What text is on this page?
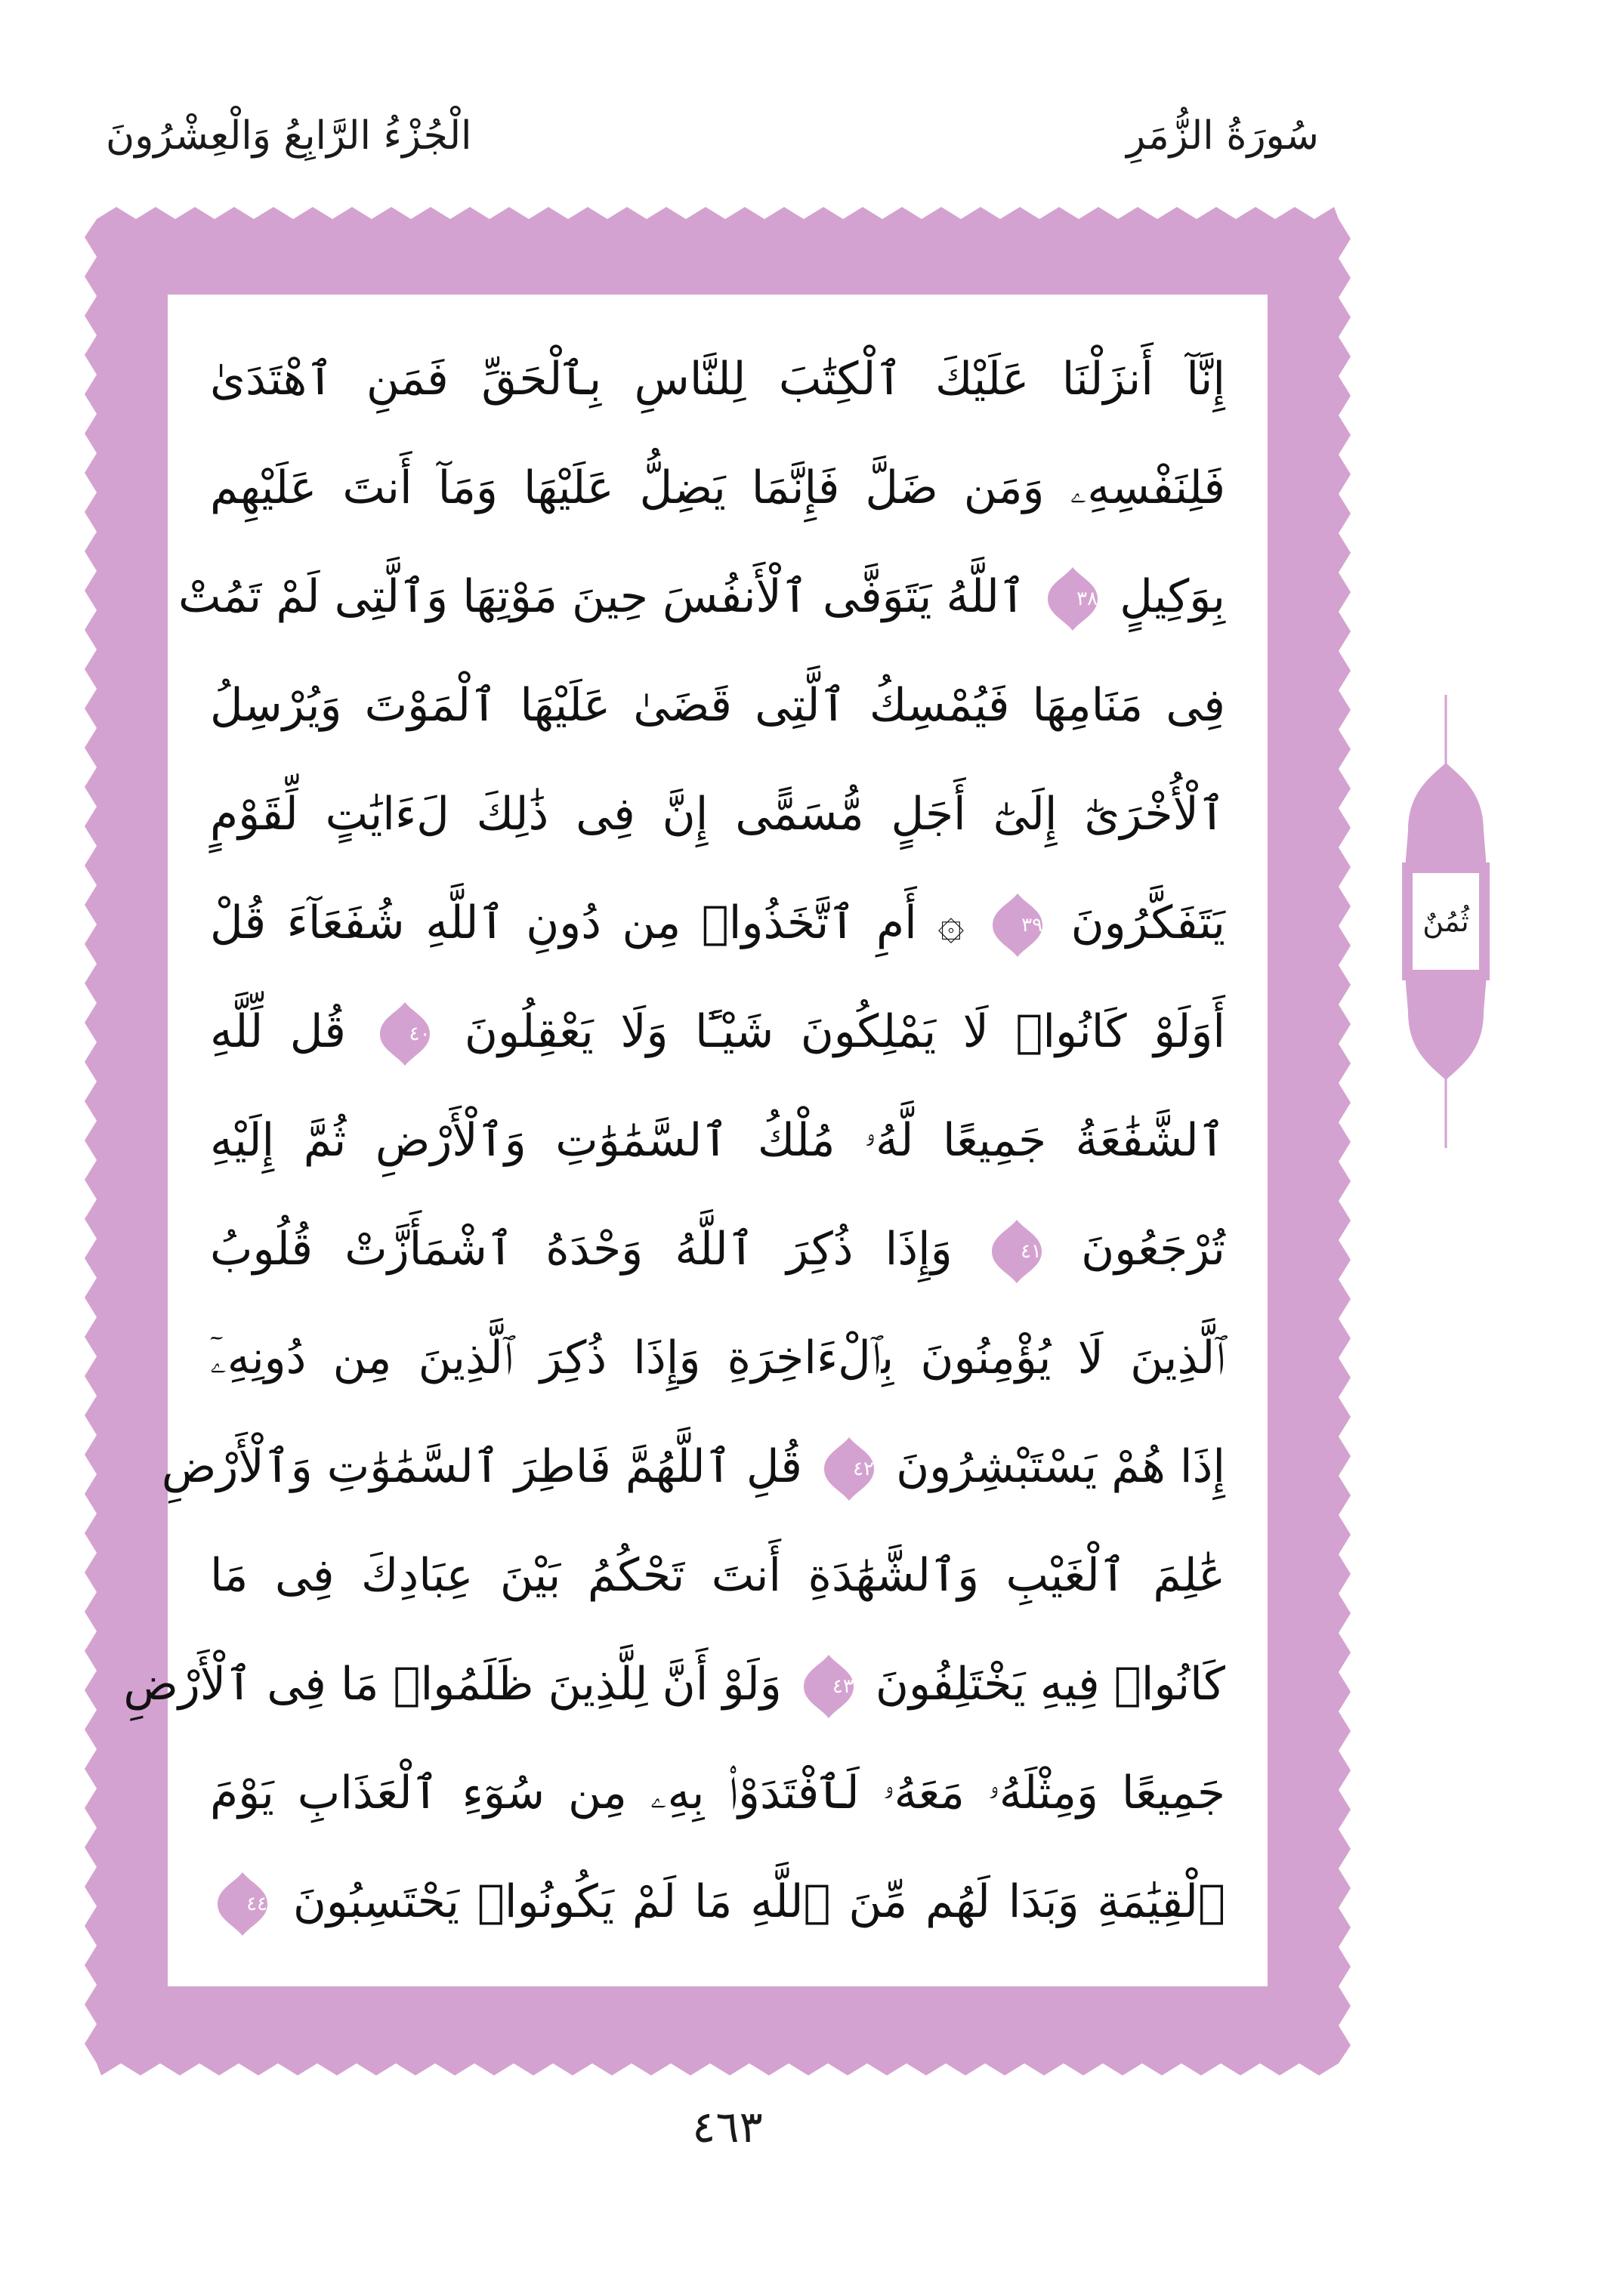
الْجُزْءُ الرَّابِعُ وَالْعِشْرُونَ	سُورَةُ الزُّمَرِ
إِنَّآ أَنزَلْنَا عَلَيْكَ ٱلْكِتَٰبَ لِلنَّاسِ بِٱلْحَقِّ فَمَنِ ٱهْتَدَىٰ
فَلِنَفْسِهِۦ وَمَن ضَلَّ فَإِنَّمَا يَضِلُّ عَلَيْهَا وَمَآ أَنتَ عَلَيْهِم
بِوَكِيلٍ
٣٨
ٱللَّهُ يَتَوَفَّى ٱلْأَنفُسَ حِينَ مَوْتِهَا وَٱلَّتِى لَمْ تَمُتْ
فِى مَنَامِهَا فَيُمْسِكُ ٱلَّتِى قَضَىٰ عَلَيْهَا ٱلْمَوْتَ وَيُرْسِلُ
ٱلْأُخْرَىٰٓ إِلَىٰٓ أَجَلٍ مُّسَمًّى إِنَّ فِى ذَٰلِكَ لَءَايَٰتٍ لِّقَوْمٍ
يَتَفَكَّرُونَ
٣٩
۞ أَمِ ٱتَّخَذُوا۟ مِن دُونِ ٱللَّهِ شُفَعَآءَ قُلْ
أَوَلَوْ كَانُوا۟ لَا يَمْلِكُونَ شَيْـًٔا وَلَا يَعْقِلُونَ
٤٠
قُل لِّلَّهِ
ٱلشَّفَٰعَةُ جَمِيعًا لَّهُۥ مُلْكُ ٱلسَّمَٰوَٰتِ وَٱلْأَرْضِ ثُمَّ إِلَيْهِ
تُرْجَعُونَ
٤١
وَإِذَا ذُكِرَ ٱللَّهُ وَحْدَهُ ٱشْمَأَزَّتْ قُلُوبُ
ٱلَّذِينَ لَا يُؤْمِنُونَ بِٱلْءَاخِرَةِ وَإِذَا ذُكِرَ ٱلَّذِينَ مِن دُونِهِۦٓ
إِذَا هُمْ يَسْتَبْشِرُونَ
٤٢
قُلِ ٱللَّهُمَّ فَاطِرَ ٱلسَّمَٰوَٰتِ وَٱلْأَرْضِ
عَٰلِمَ ٱلْغَيْبِ وَٱلشَّهَٰدَةِ أَنتَ تَحْكُمُ بَيْنَ عِبَادِكَ فِى مَا
كَانُوا۟ فِيهِ يَخْتَلِفُونَ
٤٣
وَلَوْ أَنَّ لِلَّذِينَ ظَلَمُوا۟ مَا فِى ٱلْأَرْضِ
جَمِيعًا وَمِثْلَهُۥ مَعَهُۥ لَٱفْتَدَوْا۟ بِهِۦ مِن سُوٓءِ ٱلْعَذَابِ يَوْمَ
ٱلْقِيَٰمَةِ وَبَدَا لَهُم مِّنَ ٱللَّهِ مَا لَمْ يَكُونُوا۟ يَحْتَسِبُونَ
٤٤
ثُمُنٌ
٤٦٣
